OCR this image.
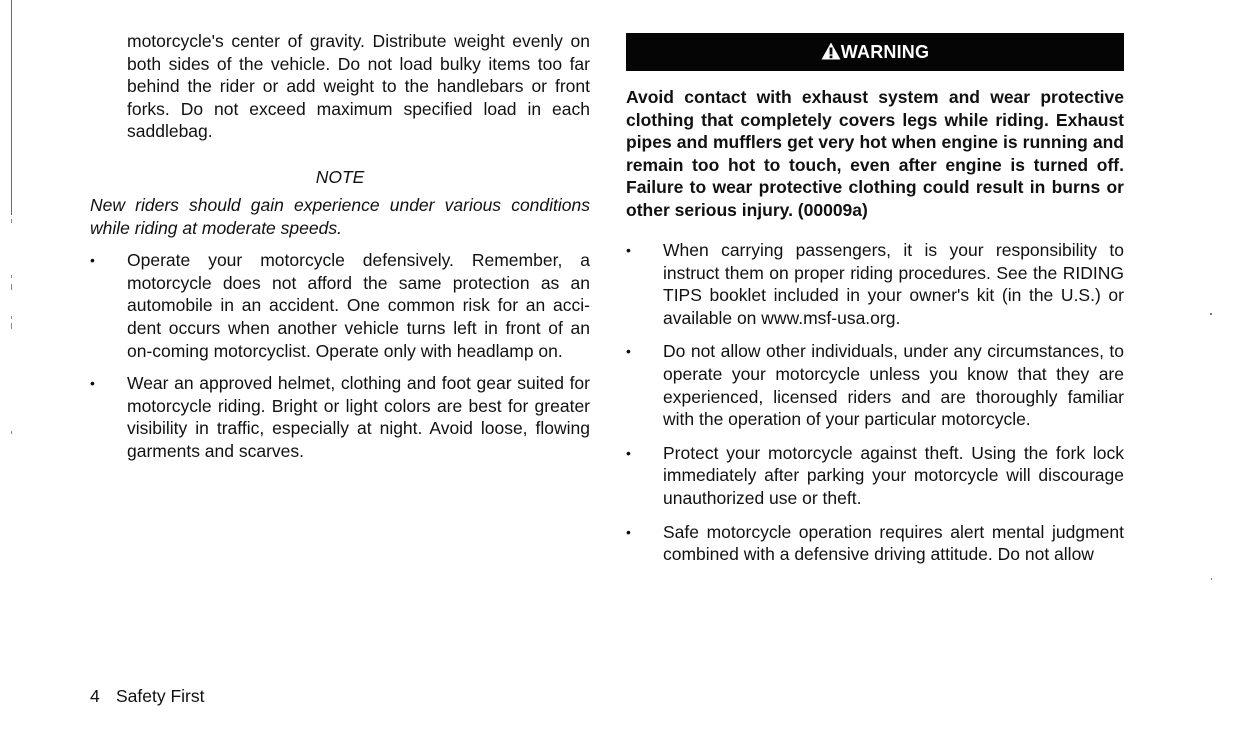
motorcycle's center of gravity. Distribute weight evenly on both sides of the vehicle. Do not load bulky items too far behind the rider or add weight to the handlebars or front forks. Do not exceed maximum specified load in each saddlebag.

NOTE
New riders should gain experience under various conditions while riding at moderate speeds.
• Operate your motorcycle defensively. Remember, a motorcycle does not afford the same protection as an automobile in an accident. One common risk for an acci-dent occurs when another vehicle turns left in front of an on-coming motorcyclist. Operate only with headlamp on.
• Wear an approved helmet, clothing and foot gear suited for motorcycle riding. Bright or light colors are best for greater visibility in traffic, especially at night. Avoid loose, flowing garments and scarves.
WARNING

Avoid contact with exhaust system and wear protective clothing that completely covers legs while riding. Exhaust pipes and mufflers get very hot when engine is running and remain too hot to touch, even after engine is turned off. Failure to wear protective clothing could result in burns or other serious injury. (00009a)

• When carrying passengers, it is your responsibility to instruct them on proper riding procedures. See the RIDING TIPS booklet included in your owner's kit (in the U.S.) or available on www.msf-usa.org.
• Do not allow other individuals, under any circumstances, to operate your motorcycle unless you know that they are experienced, licensed riders and are thoroughly familiar with the operation of your particular motorcycle.
• Protect your motorcycle against theft. Using the fork lock immediately after parking your motorcycle will discourage unauthorized use or theft.
• Safe motorcycle operation requires alert mental judgment combined with a defensive driving attitude. Do not allow
4 Safety First
